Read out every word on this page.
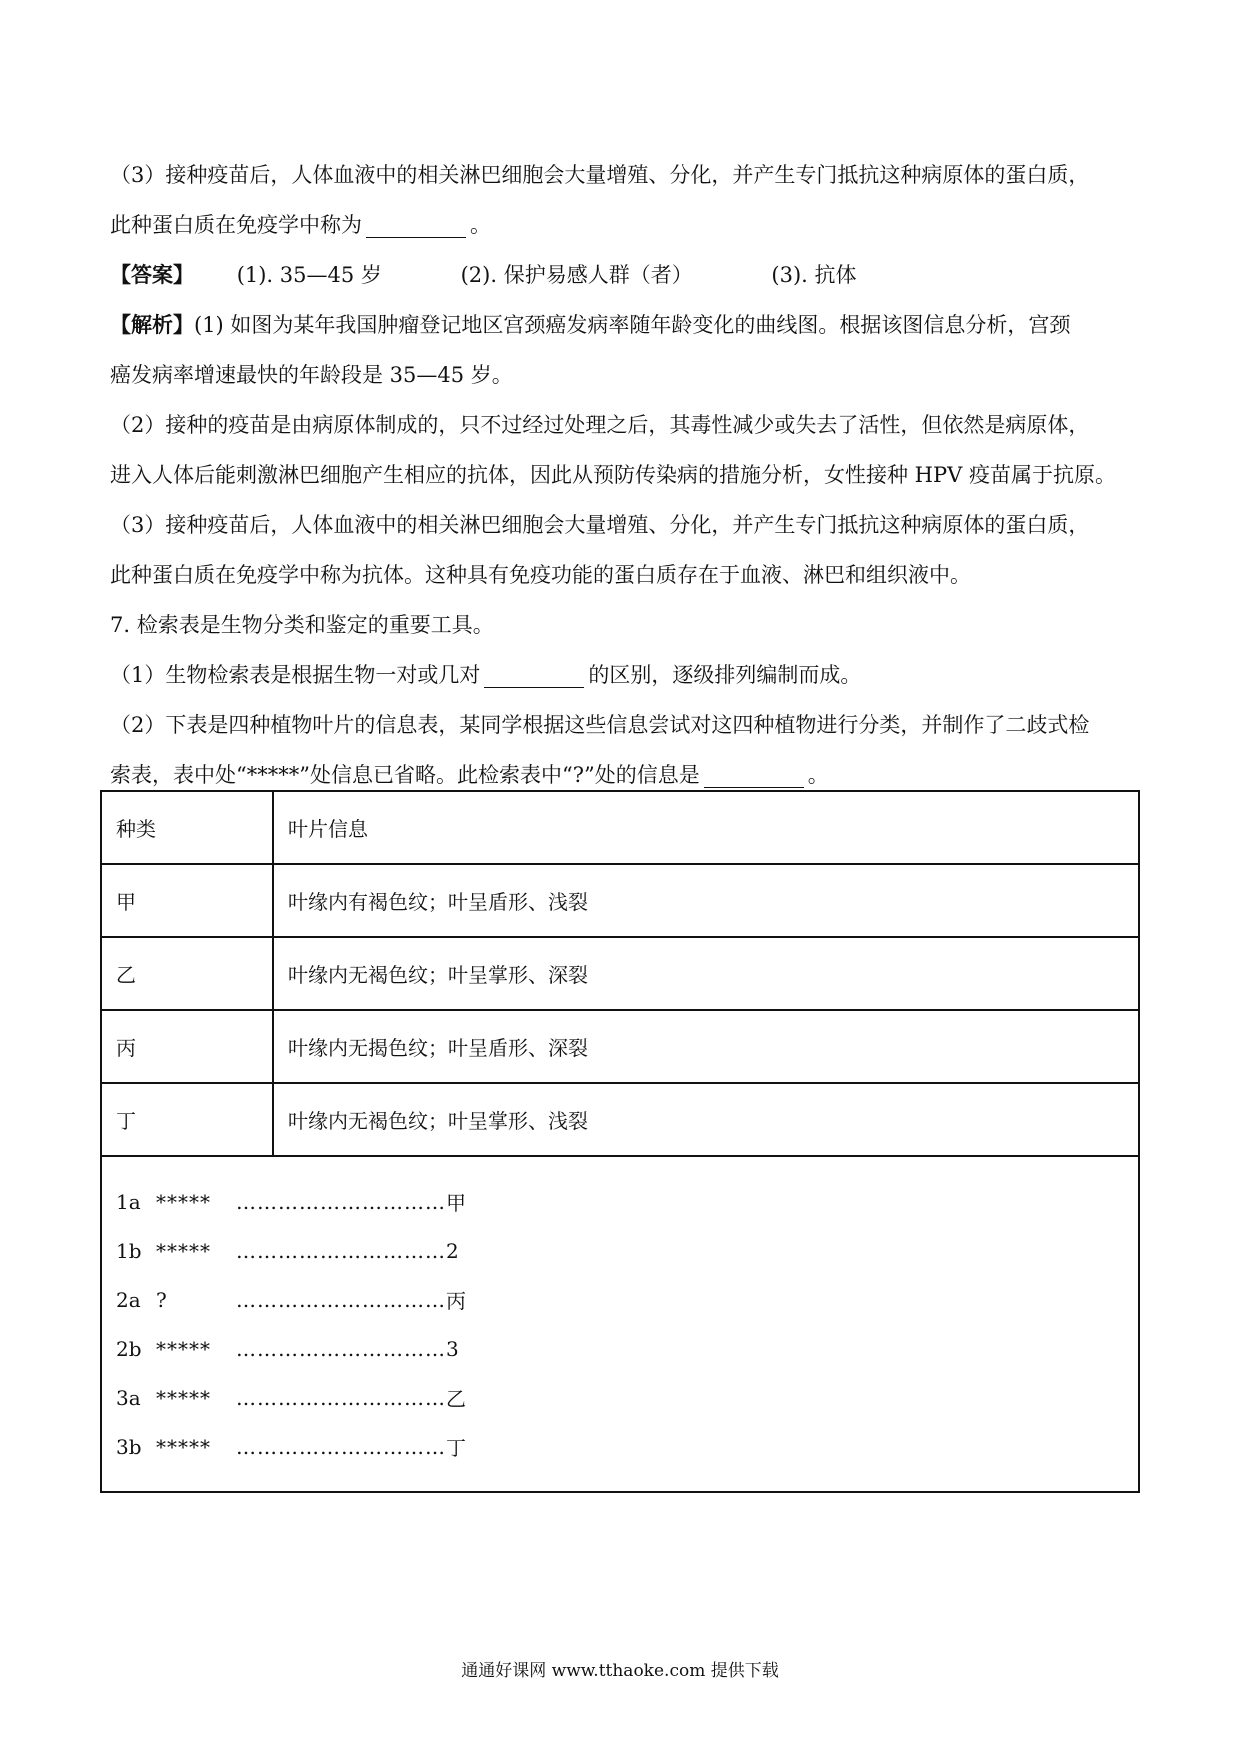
（3）接种疫苗后，人体血液中的相关淋巴细胞会大量增殖、分化，并产生专门抵抗这种病原体的蛋白质，
此种蛋白质在免疫学中称为	。
【答案】 (1). 35—45 岁	(2). 保护易感人群（者）	(3). 抗体
【解析】(1) 如图为某年我国肿瘤登记地区宫颈癌发病率随年龄变化的曲线图。根据该图信息分析，宫颈
癌发病率增速最快的年龄段是 35—45 岁。
（2）接种的疫苗是由病原体制成的，只不过经过处理之后，其毒性减少或失去了活性，但依然是病原体，
进入人体后能刺激淋巴细胞产生相应的抗体，因此从预防传染病的措施分析，女性接种 HPV 疫苗属于抗原。
（3）接种疫苗后，人体血液中的相关淋巴细胞会大量增殖、分化，并产生专门抵抗这种病原体的蛋白质，
此种蛋白质在免疫学中称为抗体。这种具有免疫功能的蛋白质存在于血液、淋巴和组织液中。
7. 检索表是生物分类和鉴定的重要工具。
（1）生物检索表是根据生物一对或几对	的区别，逐级排列编制而成。
（2）下表是四种植物叶片的信息表，某同学根据这些信息尝试对这四种植物进行分类，并制作了二歧式检
索表，表中处“*****”处信息已省略。此检索表中“?”处的信息是	。
种类	叶片信息
甲	叶缘内有褐色纹；叶呈盾形、浅裂
乙	叶缘内无褐色纹；叶呈掌形、深裂
丙	叶缘内无揭色纹；叶呈盾形、深裂
丁	叶缘内无褐色纹；叶呈掌形、浅裂
1a *****	………………………… 甲
1b *****	………………………… 2
2a ?	………………………… 丙
2b *****	………………………… 3
3a *****	………………………… 乙
3b *****	………………………… 丁
通通好课网 www.tthaoke.com 提供下载
